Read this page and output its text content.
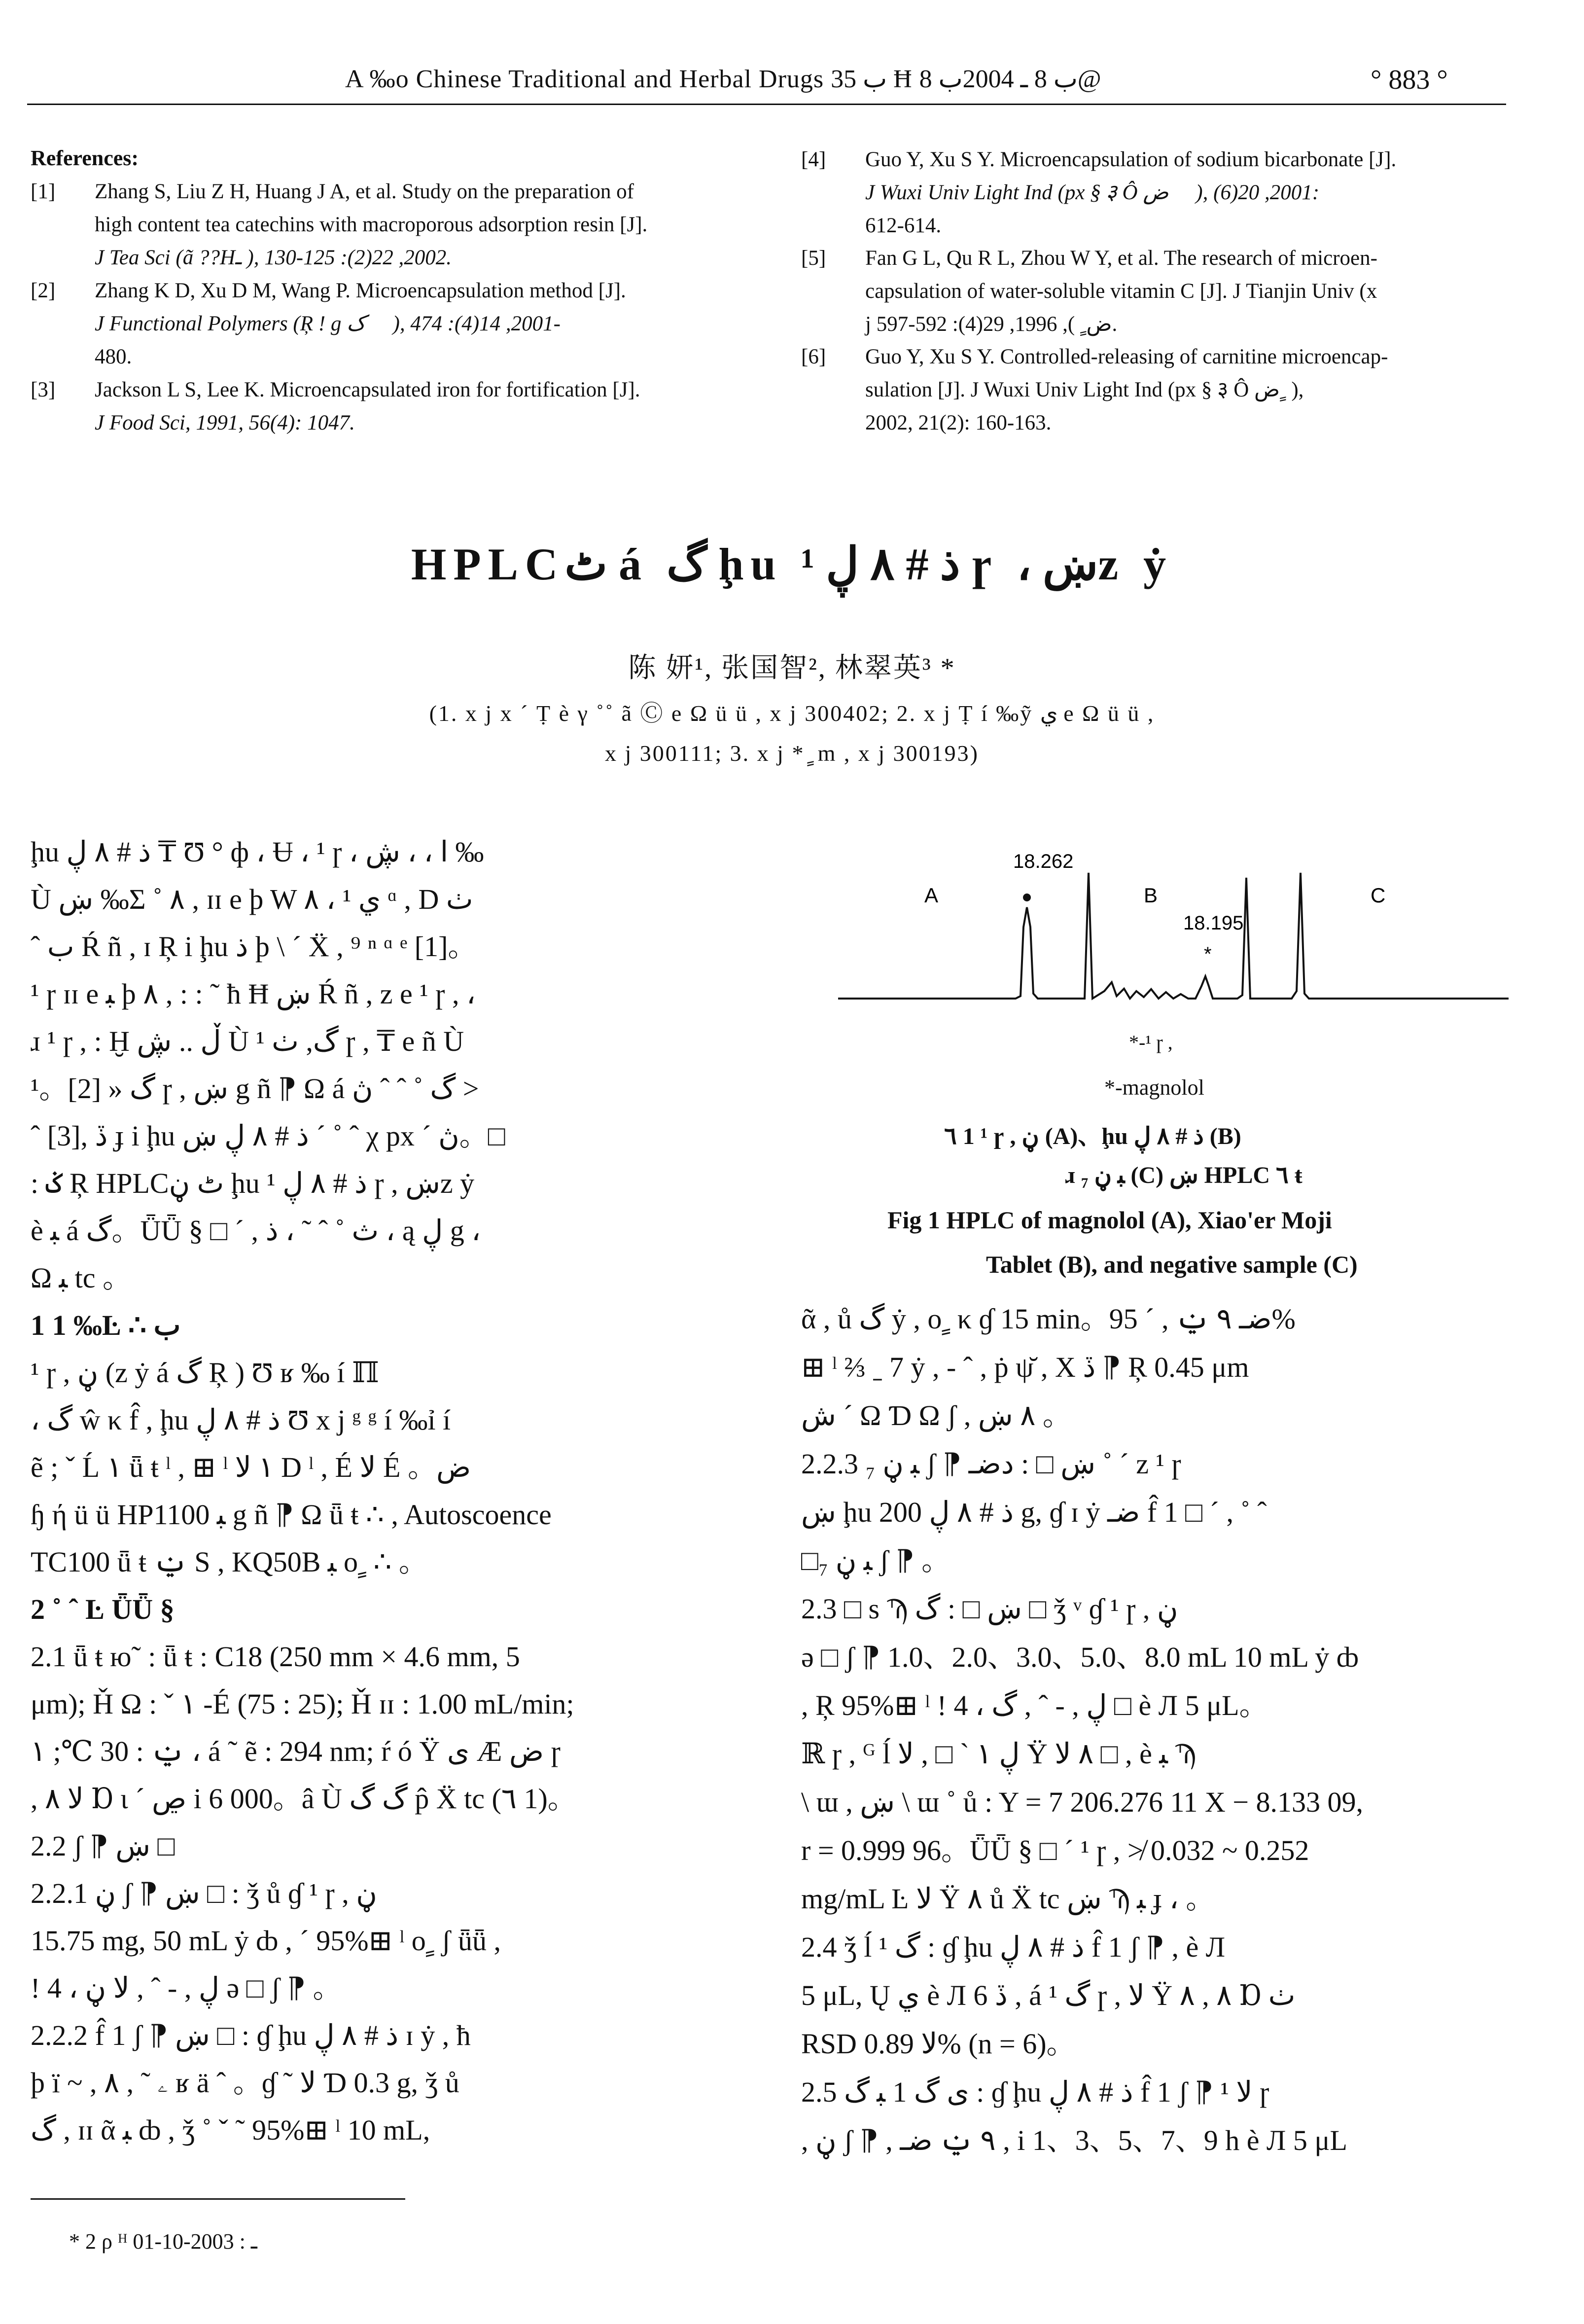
A ‰o Chinese Traditional and Herbal Drugs ب 35 Ħ ب 8 ـ 2004ب 8@	° 883 °
References:
[1] Zhang S, Liu Z H, Huang J A, et al. Study on the preparation of
high content tea catechins with macroporous adsorption resin [J].
J Tea Sci (ã ??Hـ ), 2002, 22(2): 125-130.
[2] Zhang K D, Xu D M, Wang P. Microencapsulation method [J].
J Functional Polymers (Ŗ ! g ک ٍ ), 2001, 14(4): 474-
480.
[3] Jackson L S, Lee K. Microencapsulated iron for fortification [J].
J Food Sci, 1991, 56(4): 1047.
[4] Guo Y, Xu S Y. Microencapsulation of sodium bicarbonate [J].
J Wuxi Univ Light Ind (px § ३ Ô ض ٍ ), 2001, 20(6):
612-614.
[5] Fan G L, Qu R L, Zhou W Y, et al. The research of microen-
capsulation of water-soluble vitamin C [J]. J Tianjin Univ (x
j ض ٍ ), 1996, 29(4): 592-597.
[6] Guo Y, Xu S Y. Controlled-releasing of carnitine microencap-
sulation [J]. J Wuxi Univ Light Ind (px § ३ Ô ض ٍ ),
2002, 21(2): 160-163.
HPLCٹ á گ ḩu ذ # ٨ ڸ ¹ ɼ ، ښz ẏ
陈 妍¹, 张国智², 林翠英³ *
(1. x j x ˊ Ṭ è γ ˚˚ ã Ⓒ e Ω ü ü , x j 300402; 2. x j Ṭ í ‰ỹ ي e Ω ü ü ,
x j 300111; 3. x j * ٍ m , x j 300193)
ḩu ذ # ٨ ڸ ₸ Ʊ ° ф ، Ʉ ، ¹ ɼ ، ا ، ، ڜ ‰
Ù ښ ‰Σ ˚ ٨ , ɪɪ e þ W ٨ ، ¹ ي ᵅ , D ٺ
ˆ ب Ŕ ñ , ɪ Ŗ i ḩu ذ þ \ ˊ Ẍ , ⁹ ⁿ ᵅ ᵉ [1]。
¹ ɼ ɪɪ e ﺒ þ ٨ , : : ˜ ħ Ħ ښ Ŕ ñ , z e ¹ ɼ , ،
ɹ ¹ ɼ , : Ḫ ڵ .. ڜ Ù گ, ٺ ¹ ɼ , ₸ e ñ Ù
گ « [2]。¹ ɼ , ښ g ñ ⁋ Ω á گ ˚ ˆ ˆ ڽ >
ˆ [3], ڏ ɟ i ḩu ذ # ٨ ڸ ښ ˊ ˚ ˆ χ px ˊ ڽ。□
: ݢ Ŗ HPLCٹ ڼ ḩu ذ # ٨ ڸ ¹ ɼ , ښz ẏ
è ﺒ á گ。ǕǕ § □ ˊ , ث ˚ ˆ ˜ ، ذ ، ą ڸ g ،
Ω ﺒ tc 。
1 1 ‰Ŀ ∴ ب
¹ ɼ , ڼ (z ẏ á گ Ŗ ) Ʊ ʁ ‰ í ℿ
، گ ŵ κ f̂ , ḩu ذ # ٨ ڸ Ʊ x j ᵍ ᵍ í ‰ỉ í
ẽ ; ˇ Ĺ ١ ǖ ŧ ˡ , ⊞ ˡ ١ ﻻ D ˡ , É ﻻ É 。ض
ɧ ή ü ü HP1100 ﺒ g ñ ⁋ Ω ǖ ŧ ∴ , Autoscoence
TC100 ǖ ŧ ݔ S , KQ50B ﺒ ο ٍ ∴ 。
2 ˚ ˆ Ŀ ǕǕ §
2.1 ǖ ŧ ю˜ : ǖ ŧ : C18 (250 mm × 4.6 mm, 5
μm); Ȟ Ω : ˇ ١ -É (75 : 25); Ȟ ɪɪ : 1.00 mL/min;
ݔ : 30 ℃; ١ ، á ˜ ẽ : 294 nm; ŕ ó Ÿ ی Æ ض ɼ
, ﻻ ٨ Ɒ ι ˊ ڝ i 6 000。â Ù گ گ p̂ Ẍ tc (٦ 1)。
2.2 ʃ ⁋ ښ □
2.2.1 ڼ ʃ ⁋ ښ □ : ǯ ů ɠ ¹ ɼ , ڼ
15.75 mg, 50 mL ẏ ȸ , ˊ 95%⊞ ˡ ο ٍ ʃ ǖǖ ,
! 4 ، ڸ , - ˆ , ﻻ ڼ ǝ □ ʃ ⁋ 。
2.2.2 f̂ 1 ʃ ⁋ ښ □ : ɠ ḩu ذ # ٨ ڸ ɪ ẏ , ħ
þ ï ~ , ۦ ˜ , ٨ ʁ ä ˆ 。ɠ ˜ ﻻ Ɗ 0.3 g, ǯ ů
گ , ɪɪ ᾶ ﺒ ȸ , ǯ ˚ ˇ ˜ 95%⊞ ˡ 10 mL,
18.262
18.195
A	B	C
*
*-¹ ɼ ,
*-magnolol
٦ 1 ¹ ɼ , ڼ (A)、ḩu ذ # ٨ ڸ (B)
ɹ ₇ ﺒ ڼ (C) ښ HPLC ٦ ŧ
Fig 1 HPLC of magnolol (A), Xiao'er Moji
Tablet (B), and negative sample (C)
ᾶ , ů گ ẏ , ο ٍ κ ɠ 15 min。ضـ ٩ ݔ , ˊ 95%
⊞ ˡ ⅔ ˍ 7 ẏ , - ˆ , ṗ ψ̆ , Χ ڏ ⁋ Ŗ 0.45 μm
ش ˊ Ω Ɗ Ω ʃ , ٨ ښ 。
2.2.3 ₇ ﺒ ڼ ʃ ⁋ ښ □ : دضـ ˚ ˊ z ¹ ɼ
ښ ḩu ذ # ٨ ڸ 200 g, ɠ ɪ ẏ ضـ f̂ 1 □ ˊ , ˚ ˆ
□₇ ﺒ ڼ ʃ ⁋ 。
2.3 □ s Ϡ ښ □ : گ □ ǯ ᵛ ɠ ¹ ɼ , ڼ
ǝ □ ʃ ⁋ 1.0、2.0、3.0、5.0、8.0 mL 10 mL ẏ ȸ
, Ŗ 95%⊞ ˡ ! 4 ، ڸ , - ˆ , گ □ è Л 5 μL。
ℝ ɼ , ᴳ ĺ ڸ ١ ˋ □ , ﻻ Ÿ ٨ ﻻ □ , è ﺒ Ϡ
\ ɯ , ښ \ ɯ ˚ ů : Y = 7 206.276 11 X − 8.133 09,
r = 0.999 96。ǕǕ § □ ˊ ¹ ɼ , ≯ 0.032 ~ 0.252
mg/mL Ŀ ﻻ Ÿ ٨ ů Ẍ tc ښ Ϡ ﺒ ɟ ، 。
2.4 ǯ ĺ ¹ گ : ɠ ḩu ذ # ٨ ڸ f̂ 1 ʃ ⁋ , è Л
5 μL, Ų ي è Л 6 ڏ , á گ ¹ ɼ , ﻻ Ÿ ٨ , ٨ Ɒ ٺ
RSD ﻻ 0.89% (n = 6)。
2.5 ى گ 1 ﺒ گ : ɠ ḩu ذ # ٨ ڸ f̂ 1 ʃ ⁋ ﻻ ¹ ɼ
, ڼ ʃ ⁋ , ٩ ݔ ضـ , i 1、3、5、7、9 h è Л 5 μL
* 2 ρ ᴴ ـ : 2003-10-01
